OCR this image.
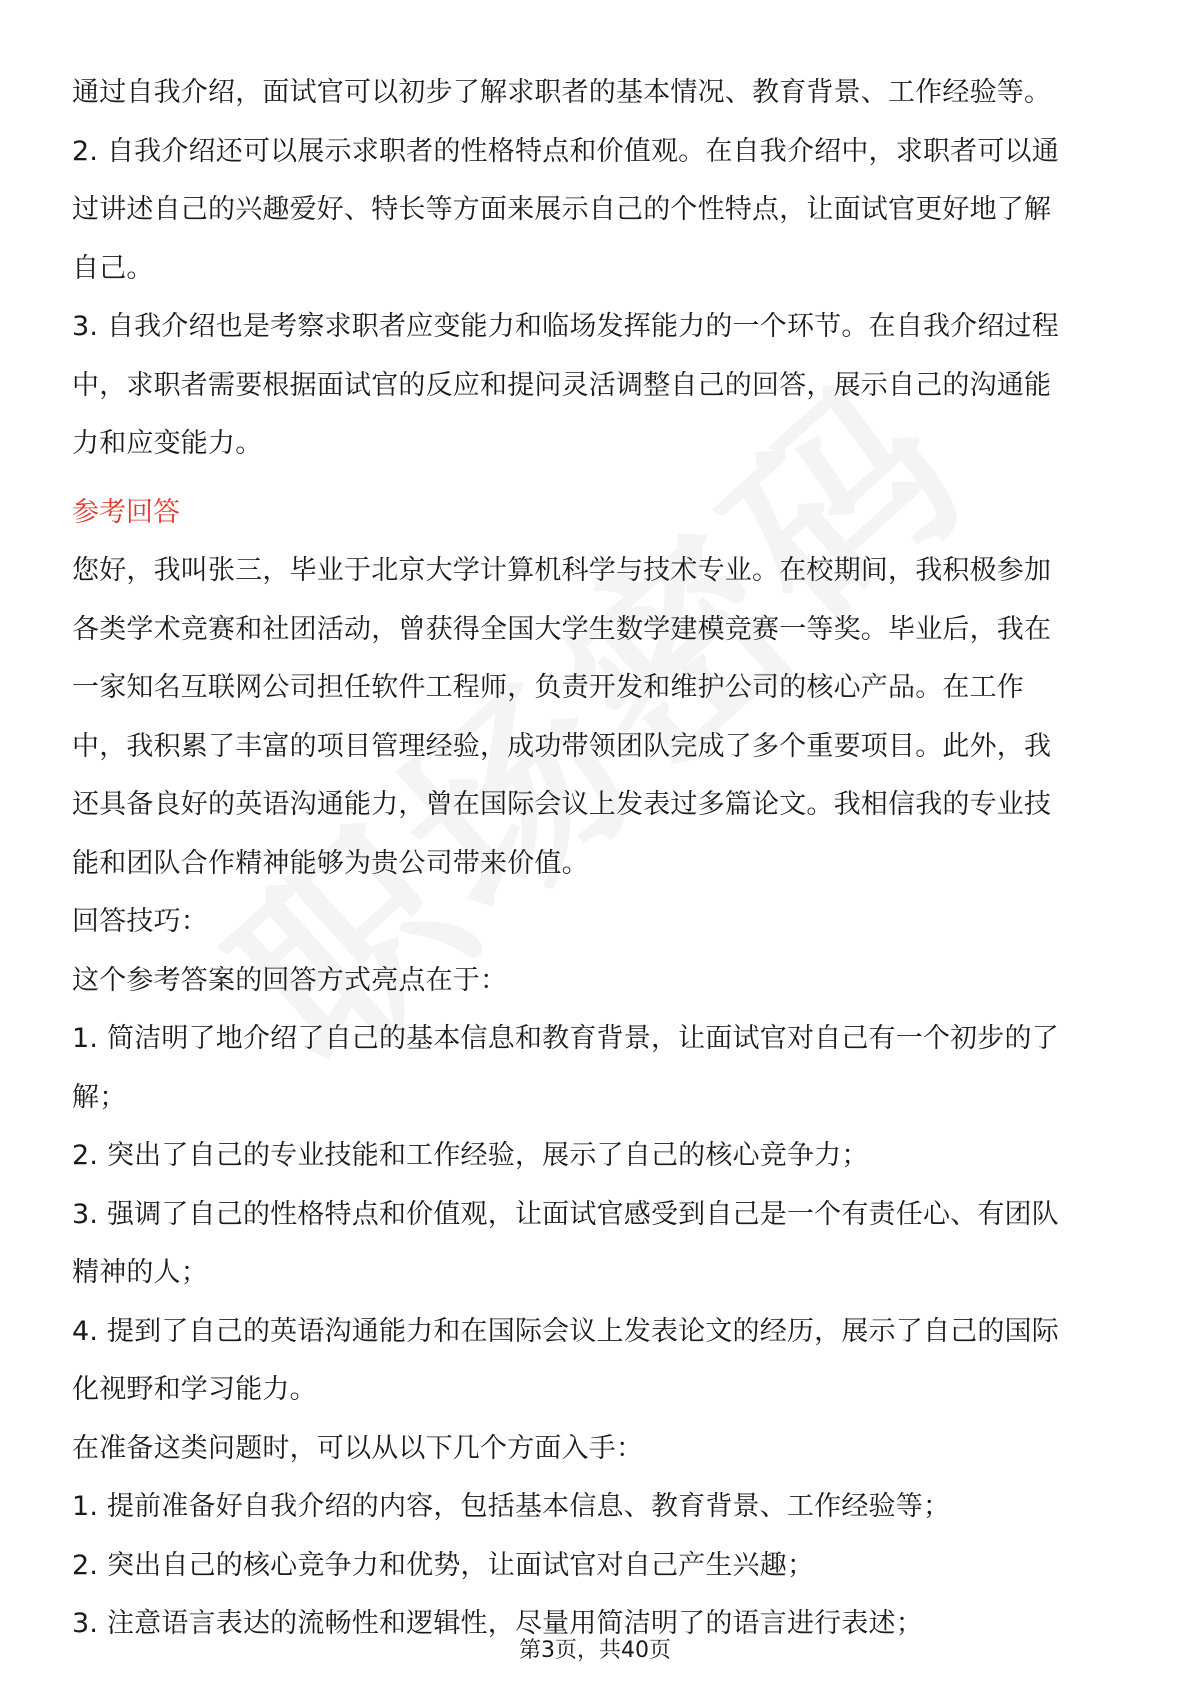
通过自我介绍，面试官可以初步了解求职者的基本情况、教育背景、工作经验等。
2. 自我介绍还可以展示求职者的性格特点和价值观。在自我介绍中，求职者可以通
过讲述自己的兴趣爱好、特长等方面来展示自己的个性特点，让面试官更好地了解
自己。
3. 自我介绍也是考察求职者应变能力和临场发挥能力的一个环节。在自我介绍过程
中，求职者需要根据面试官的反应和提问灵活调整自己的回答，展示自己的沟通能
力和应变能力。
参考回答
您好，我叫张三，毕业于北京大学计算机科学与技术专业。在校期间，我积极参加
各类学术竞赛和社团活动，曾获得全国大学生数学建模竞赛一等奖。毕业后，我在
一家知名互联网公司担任软件工程师，负责开发和维护公司的核心产品。在工作
中，我积累了丰富的项目管理经验，成功带领团队完成了多个重要项目。此外，我
还具备良好的英语沟通能力，曾在国际会议上发表过多篇论文。我相信我的专业技
能和团队合作精神能够为贵公司带来价值。
回答技巧：
这个参考答案的回答方式亮点在于：
1. 简洁明了地介绍了自己的基本信息和教育背景，让面试官对自己有一个初步的了
解；
2. 突出了自己的专业技能和工作经验，展示了自己的核心竞争力；
3. 强调了自己的性格特点和价值观，让面试官感受到自己是一个有责任心、有团队
精神的人；
4. 提到了自己的英语沟通能力和在国际会议上发表论文的经历，展示了自己的国际
化视野和学习能力。
在准备这类问题时，可以从以下几个方面入手：
1. 提前准备好自我介绍的内容，包括基本信息、教育背景、工作经验等；
2. 突出自己的核心竞争力和优势，让面试官对自己产生兴趣；
3. 注意语言表达的流畅性和逻辑性，尽量用简洁明了的语言进行表述；
第3页，共40页
